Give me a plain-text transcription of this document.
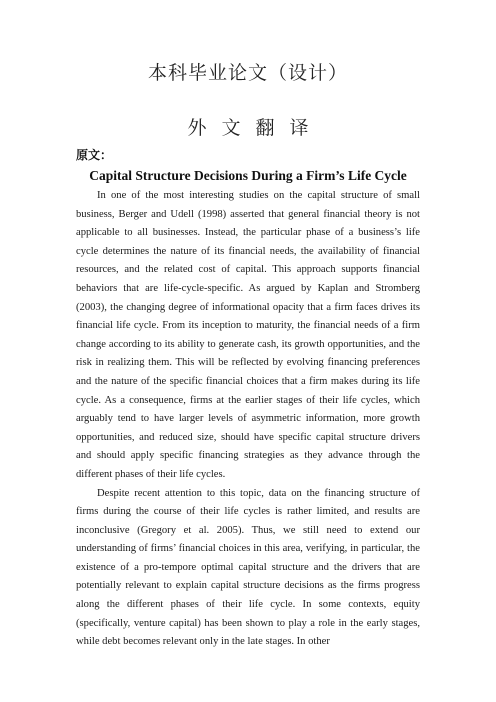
本科毕业论文（设计）
外文翻译
原文：
Capital Structure Decisions During a Firm’s Life Cycle

In one of the most interesting studies on the capital structure of small business, Berger and Udell (1998) asserted that general financial theory is not applicable to all businesses. Instead, the particular phase of a business’s life cycle determines the nature of its financial needs, the availability of financial resources, and the related cost of capital. This approach supports financial behaviors that are life-cycle-specific. As argued by Kaplan and Stromberg (2003), the changing degree of informational opacity that a firm faces drives its financial life cycle. From its inception to maturity, the financial needs of a firm change according to its ability to generate cash, its growth opportunities, and the risk in realizing them. This will be reflected by evolving financing preferences and the nature of the specific financial choices that a firm makes during its life cycle. As a consequence, firms at the earlier stages of their life cycles, which arguably tend to have larger levels of asymmetric information, more growth opportunities, and reduced size, should have specific capital structure drivers and should apply specific financing strategies as they advance through the different phases of their life cycles.

Despite recent attention to this topic, data on the financing structure of firms during the course of their life cycles is rather limited, and results are inconclusive (Gregory et al. 2005). Thus, we still need to extend our understanding of firms’ financial choices in this area, verifying, in particular, the existence of a pro-tempore optimal capital structure and the drivers that are potentially relevant to explain capital structure decisions as the firms progress along the different phases of their life cycle. In some contexts, equity (specifically, venture capital) has been shown to play a role in the early stages, while debt becomes relevant only in the late stages. In other
